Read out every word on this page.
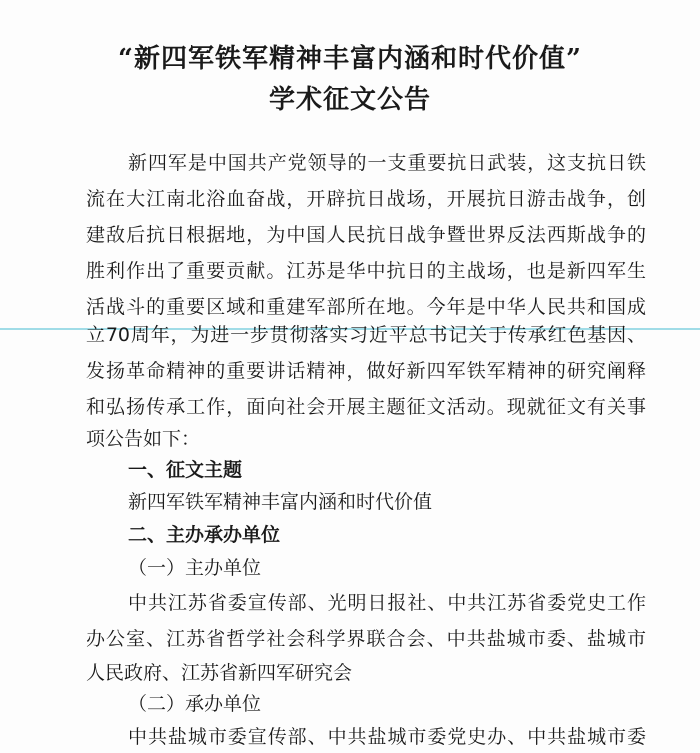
“新四军铁军精神丰富内涵和时代价值”
学术征文公告
新四军是中国共产党领导的一支重要抗日武装，这支抗日铁
流在大江南北浴血奋战，开辟抗日战场，开展抗日游击战争，创
建敌后抗日根据地，为中国人民抗日战争暨世界反法西斯战争的
胜利作出了重要贡献。江苏是华中抗日的主战场，也是新四军生
活战斗的重要区域和重建军部所在地。今年是中华人民共和国成
立70周年，为进一步贯彻落实习近平总书记关于传承红色基因、
发扬革命精神的重要讲话精神，做好新四军铁军精神的研究阐释
和弘扬传承工作，面向社会开展主题征文活动。现就征文有关事
项公告如下：
一、征文主题
新四军铁军精神丰富内涵和时代价值
二、主办承办单位
（一）主办单位
中共江苏省委宣传部、光明日报社、中共江苏省委党史工作
办公室、江苏省哲学社会科学界联合会、中共盐城市委、盐城市
人民政府、江苏省新四军研究会
（二）承办单位
中共盐城市委宣传部、中共盐城市委党史办、中共盐城市委
